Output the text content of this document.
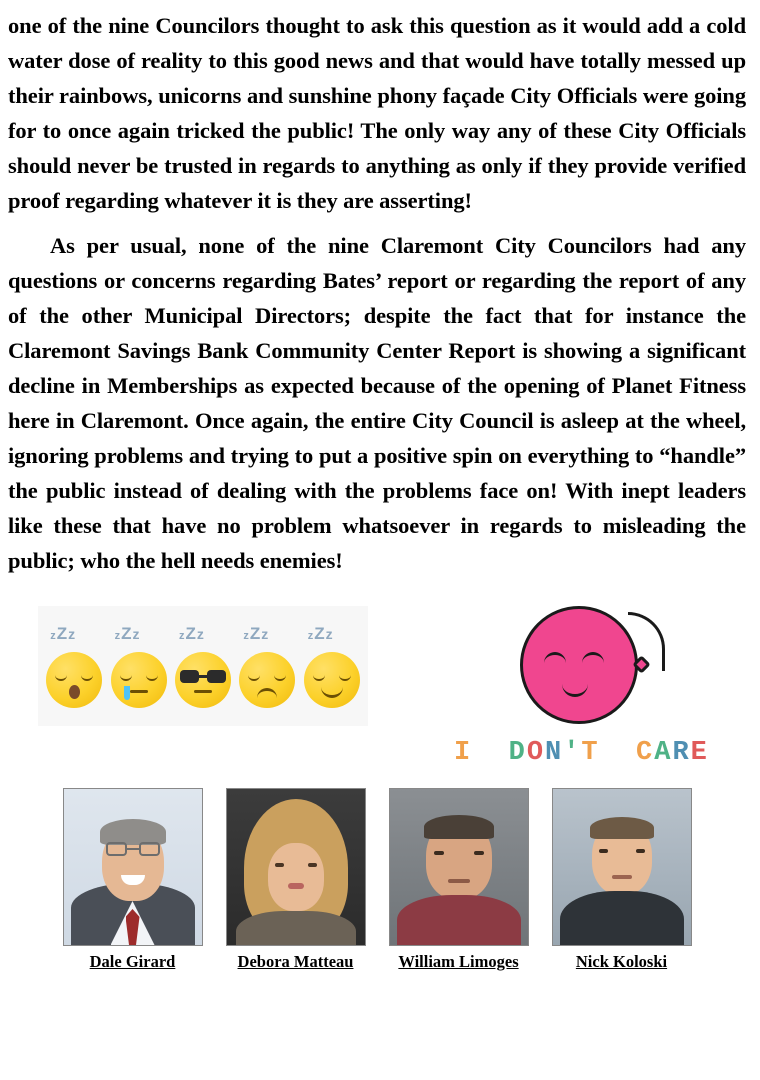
one of the nine Councilors thought to ask this question as it would add a cold water dose of reality to this good news and that would have totally messed up their rainbows, unicorns and sunshine phony façade City Officials were going for to once again tricked the public! The only way any of these City Officials should never be trusted in regards to anything as only if they provide verified proof regarding whatever it is they are asserting!

As per usual, none of the nine Claremont City Councilors had any questions or concerns regarding Bates’ report or regarding the report of any of the other Municipal Directors; despite the fact that for instance the Claremont Savings Bank Community Center Report is showing a significant decline in Memberships as expected because of the opening of Planet Fitness here in Claremont. Once again, the entire City Council is asleep at the wheel, ignoring problems and trying to put a positive spin on everything to “handle” the public instead of dealing with the problems face on! With inept leaders like these that have no problem whatsoever in regards to misleading the public; who the hell needs enemies!

zZz	zZz	zZz	zZz	zZz
I DON'T CARE
Dale Girard	Debora Matteau	William Limoges	Nick Koloski
